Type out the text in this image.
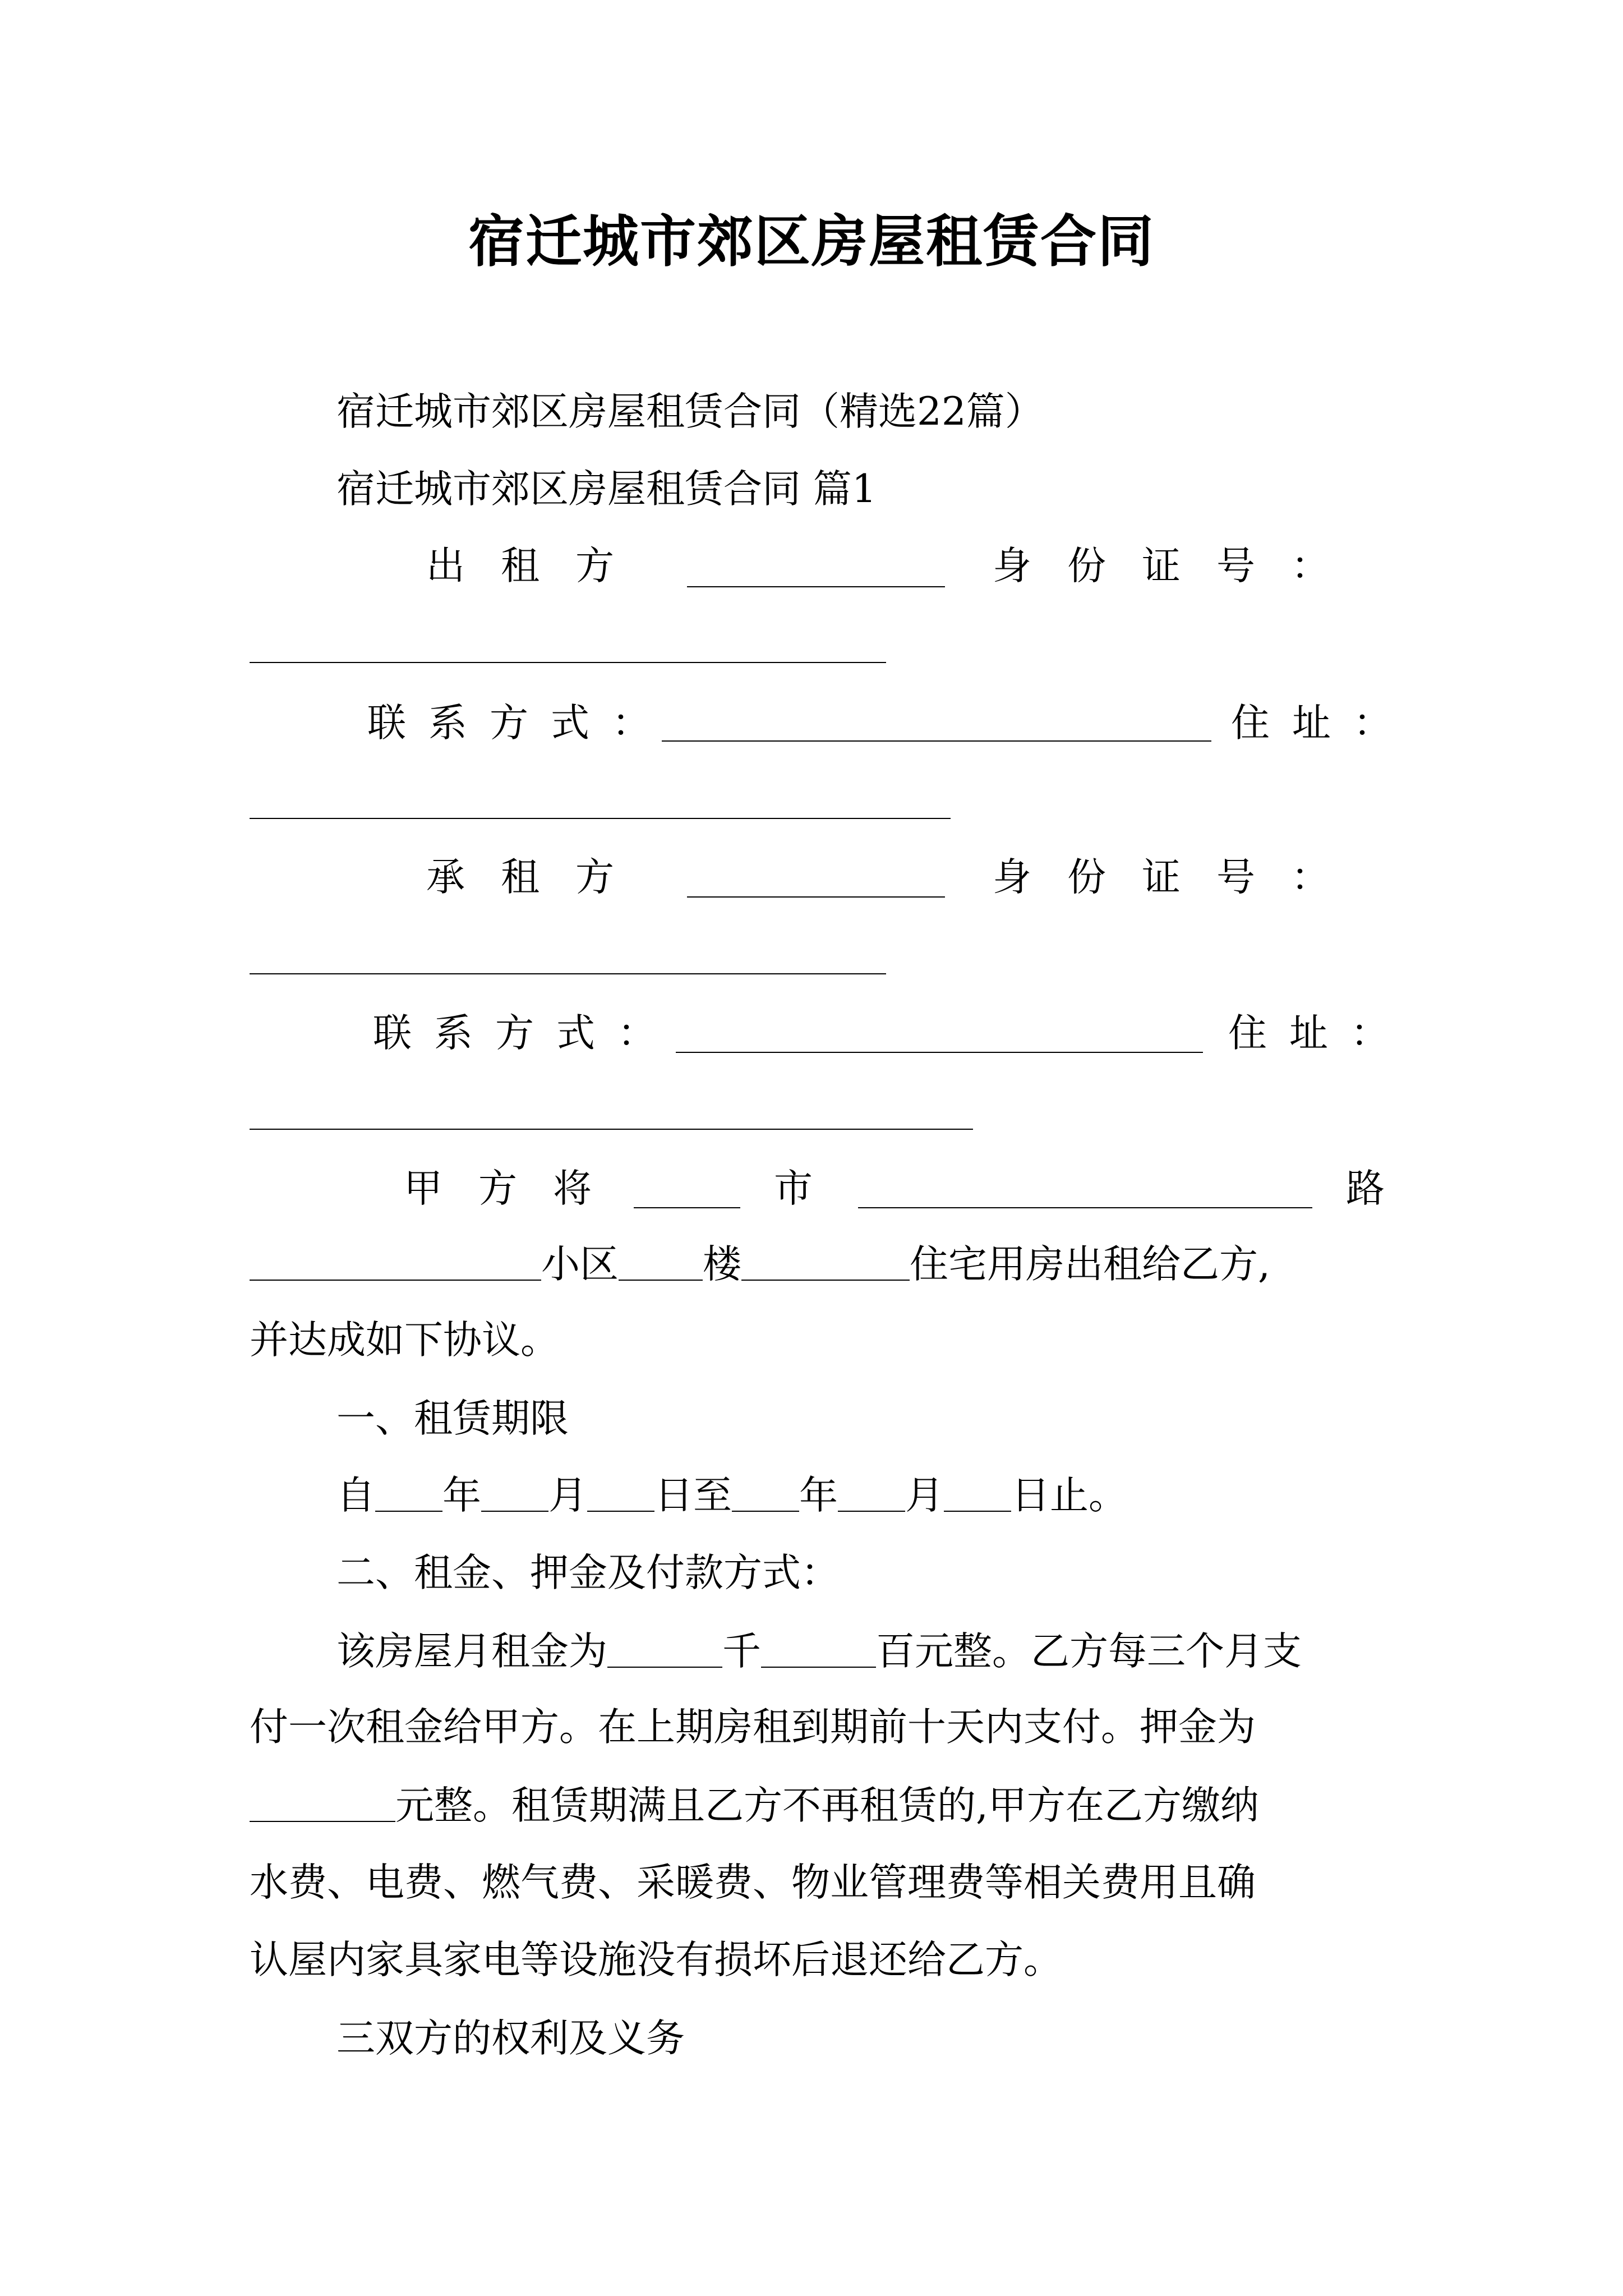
宿迁城市郊区房屋租赁合同
宿迁城市郊区房屋租赁合同（精选22篇）
宿迁城市郊区房屋租赁合同 篇1
出租方	身份证号：
联系方式：	住址：
承租方	身份证号：
联系方式：	住址：
甲方将	市	路
小区 楼	住宅用房出租给乙方,
并达成如下协议。
一、租赁期限
自 年 月 日至 年 月 日止。
二、租金、押金及付款方式：
该房屋月租金为	千	百元整。乙方每三个月支
付一次租金给甲方。在上期房租到期前十天内支付。押金为
元整。租赁期满且乙方不再租赁的,甲方在乙方缴纳
水费、电费、燃气费、采暖费、物业管理费等相关费用且确
认屋内家具家电等设施没有损坏后退还给乙方。
三双方的权利及义务
